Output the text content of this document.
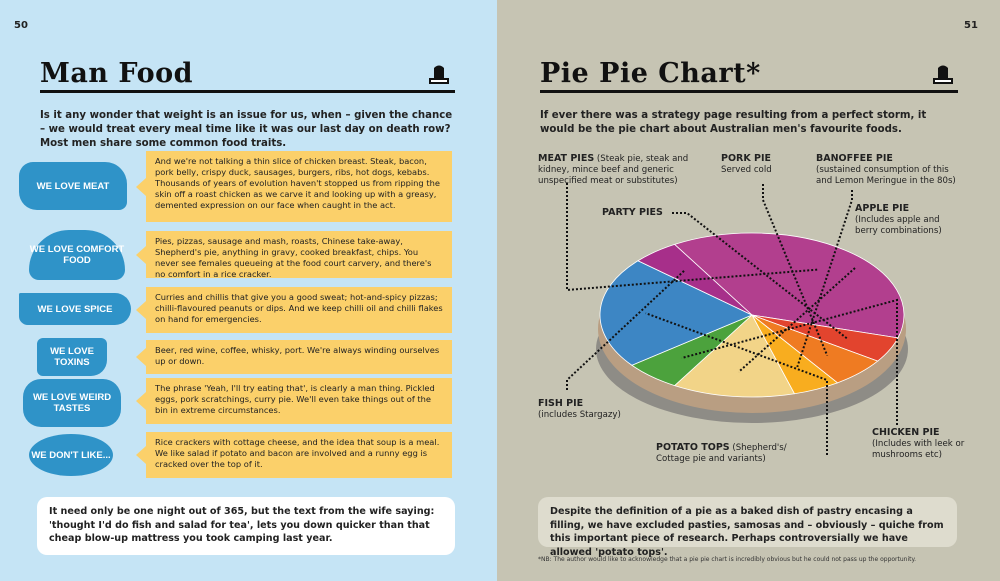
50
Man Food

Is it any wonder that weight is an issue for us, when – given the chance – we would treat every meal time like it was our last day on death row? Most men share some common food traits.

WE LOVE MEAT
And we're not talking a thin slice of chicken breast. Steak, bacon, pork belly, crispy duck, sausages, burgers, ribs, hot dogs, kebabs. Thousands of years of evolution haven't stopped us from ripping the skin off a roast chicken as we carve it and looking up with a greasy, demented expression on our face when caught in the act.
WE LOVE COMFORT FOOD
Pies, pizzas, sausage and mash, roasts, Chinese take-away, Shepherd's pie, anything in gravy, cooked breakfast, chips. You never see females queueing at the food court carvery, and there's no comfort in a rice cracker.
WE LOVE SPICE
Curries and chillis that give you a good sweat; hot-and-spicy pizzas; chilli-flavoured peanuts or dips. And we keep chilli oil and chilli flakes on hand for emergencies.
WE LOVE TOXINS
Beer, red wine, coffee, whisky, port. We're always winding ourselves up or down.
WE LOVE WEIRD TASTES
The phrase 'Yeah, I'll try eating that', is clearly a man thing. Pickled eggs, pork scratchings, curry pie. We'll even take things out of the bin in extreme circumstances.
WE DON'T LIKE...
Rice crackers with cottage cheese, and the idea that soup is a meal. We like salad if potato and bacon are involved and a runny egg is cracked over the top of it.
It need only be one night out of 365, but the text from the wife saying: 'thought I'd do fish and salad for tea', lets you down quicker than that cheap blow-up mattress you took camping last year.
51
Pie Pie Chart*

If ever there was a strategy page resulting from a perfect storm, it would be the pie chart about Australian men's favourite foods.

MEAT PIES (Steak pie, steak and kidney, mince beef and generic unspecified meat or substitutes)
PARTY PIES
PORK PIE
Served cold
BANOFFEE PIE
(sustained consumption of this and Lemon Meringue in the 80s)
APPLE PIE
(Includes apple and berry combinations)
CHICKEN PIE
(Includes with leek or mushrooms etc)
POTATO TOPS (Shepherd's/ Cottage pie and variants)
FISH PIE
(includes Stargazy)
Despite the definition of a pie as a baked dish of pastry encasing a filling, we have excluded pasties, samosas and – obviously – quiche from this important piece of research. Perhaps controversially we have allowed 'potato tops'.
*NB: The author would like to acknowledge that a pie pie chart is incredibly obvious but he could not pass up the opportunity.
